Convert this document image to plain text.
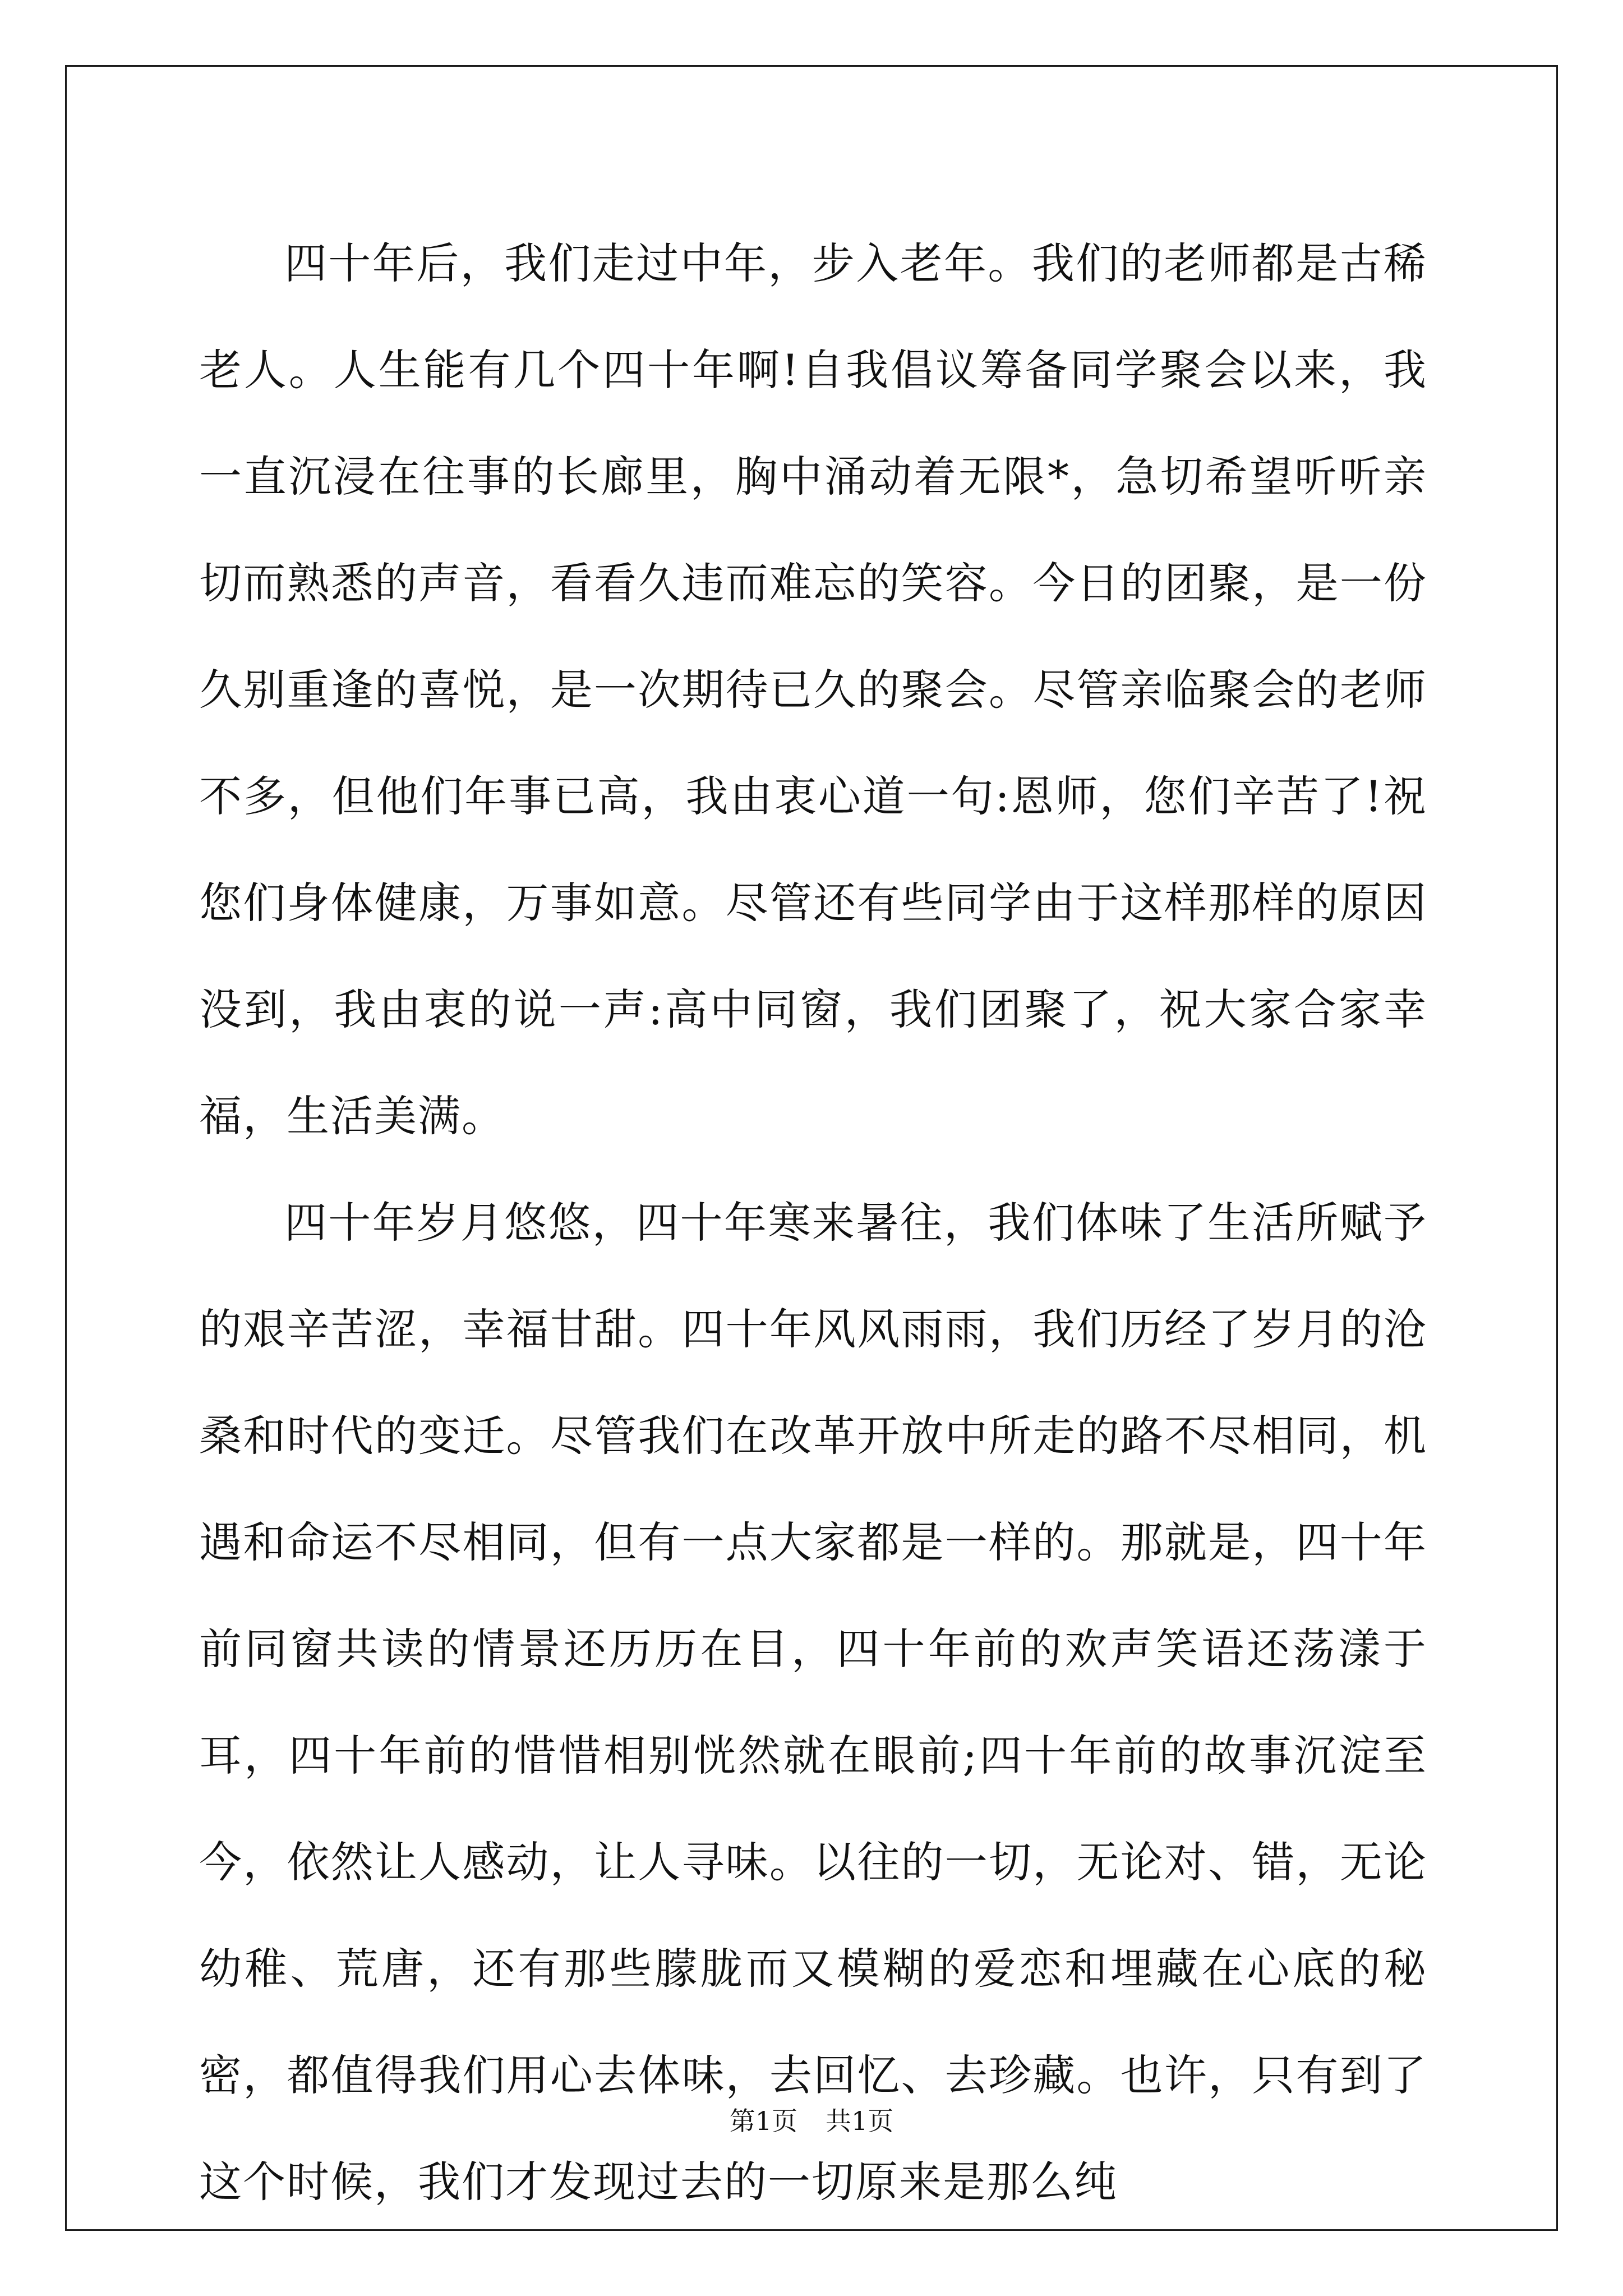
四十年后，我们走过中年，步入老年。我们的老师都是古稀老人。人生能有几个四十年啊!自我倡议筹备同学聚会以来，我一直沉浸在往事的长廊里，胸中涌动着无限*，急切希望听听亲切而熟悉的声音，看看久违而难忘的笑容。今日的团聚，是一份久别重逢的喜悦，是一次期待已久的聚会。尽管亲临聚会的老师不多，但他们年事已高，我由衷心道一句:恩师，您们辛苦了!祝您们身体健康，万事如意。尽管还有些同学由于这样那样的原因没到，我由衷的说一声:高中同窗，我们团聚了，祝大家合家幸福，生活美满。

四十年岁月悠悠，四十年寒来暑往，我们体味了生活所赋予的艰辛苦涩，幸福甘甜。四十年风风雨雨，我们历经了岁月的沧桑和时代的变迁。尽管我们在改革开放中所走的路不尽相同，机遇和命运不尽相同，但有一点大家都是一样的。那就是，四十年前同窗共读的情景还历历在目，四十年前的欢声笑语还荡漾于耳，四十年前的惜惜相别恍然就在眼前;四十年前的故事沉淀至今，依然让人感动，让人寻味。以往的一切，无论对、错，无论幼稚、荒唐，还有那些朦胧而又模糊的爱恋和埋藏在心底的秘密，都值得我们用心去体味，去回忆、去珍藏。也许，只有到了这个时候，我们才发现过去的一切原来是那么纯

第1页 共1页
